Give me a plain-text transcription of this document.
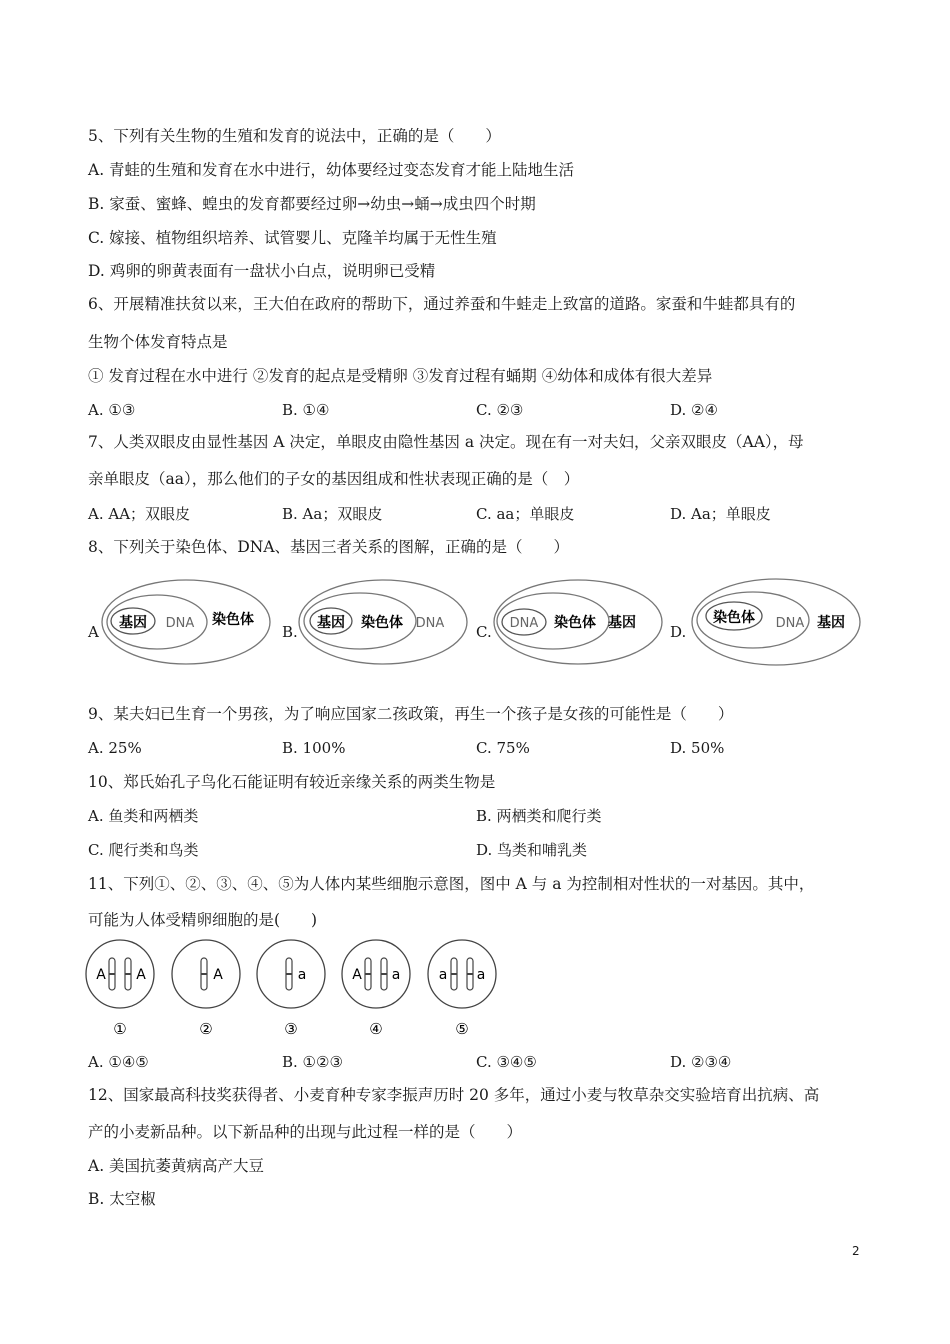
5、下列有关生物的生殖和发育的说法中，正确的是（　　）
A. 青蛙的生殖和发育在水中进行，幼体要经过变态发育才能上陆地生活
B. 家蚕、蜜蜂、蝗虫的发育都要经过卵→幼虫→蛹→成虫四个时期
C. 嫁接、植物组织培养、试管婴儿、克隆羊均属于无性生殖
D. 鸡卵的卵黄表面有一盘状小白点，说明卵已受精
6、开展精准扶贫以来，王大伯在政府的帮助下，通过养蚕和牛蛙走上致富的道路。家蚕和牛蛙都具有的
生物个体发育特点是
① 发育过程在水中进行 ②发育的起点是受精卵 ③发育过程有蛹期 ④幼体和成体有很大差异
A. ①③	B. ①④	C. ②③	D. ②④
7、人类双眼皮由显性基因 A 决定，单眼皮由隐性基因 a 决定。现在有一对夫妇，父亲双眼皮（AA），母
亲单眼皮（aa），那么他们的子女的基因组成和性状表现正确的是（　）
A. AA；双眼皮	B. Aa；双眼皮	C. aa；单眼皮	D. Aa；单眼皮
8、下列关于染色体、DNA、基因三者关系的图解，正确的是（　　）
A	B.	C.	D.
基因 DNA 染色体	基因 染色体 DNA	DNA 染色体 基因	染色体 DNA 基因
A A
①
A
②
a
③
A a
④
a a
⑤
9、某夫妇已生育一个男孩，为了响应国家二孩政策，再生一个孩子是女孩的可能性是（　　）
A. 25%	B. 100%	C. 75%	D. 50%
10、郑氏始孔子鸟化石能证明有较近亲缘关系的两类生物是
A. 鱼类和两栖类	B. 两栖类和爬行类
C. 爬行类和鸟类	D. 鸟类和哺乳类
11、下列①、②、③、④、⑤为人体内某些细胞示意图，图中 A 与 a 为控制相对性状的一对基因。其中，
可能为人体受精卵细胞的是(　　)
A. ①④⑤	B. ①②③	C. ③④⑤	D. ②③④
12、国家最高科技奖获得者、小麦育种专家李振声历时 20 多年，通过小麦与牧草杂交实验培育出抗病、高
产的小麦新品种。以下新品种的出现与此过程一样的是（　　）
A. 美国抗萎黄病高产大豆
B. 太空椒
2
